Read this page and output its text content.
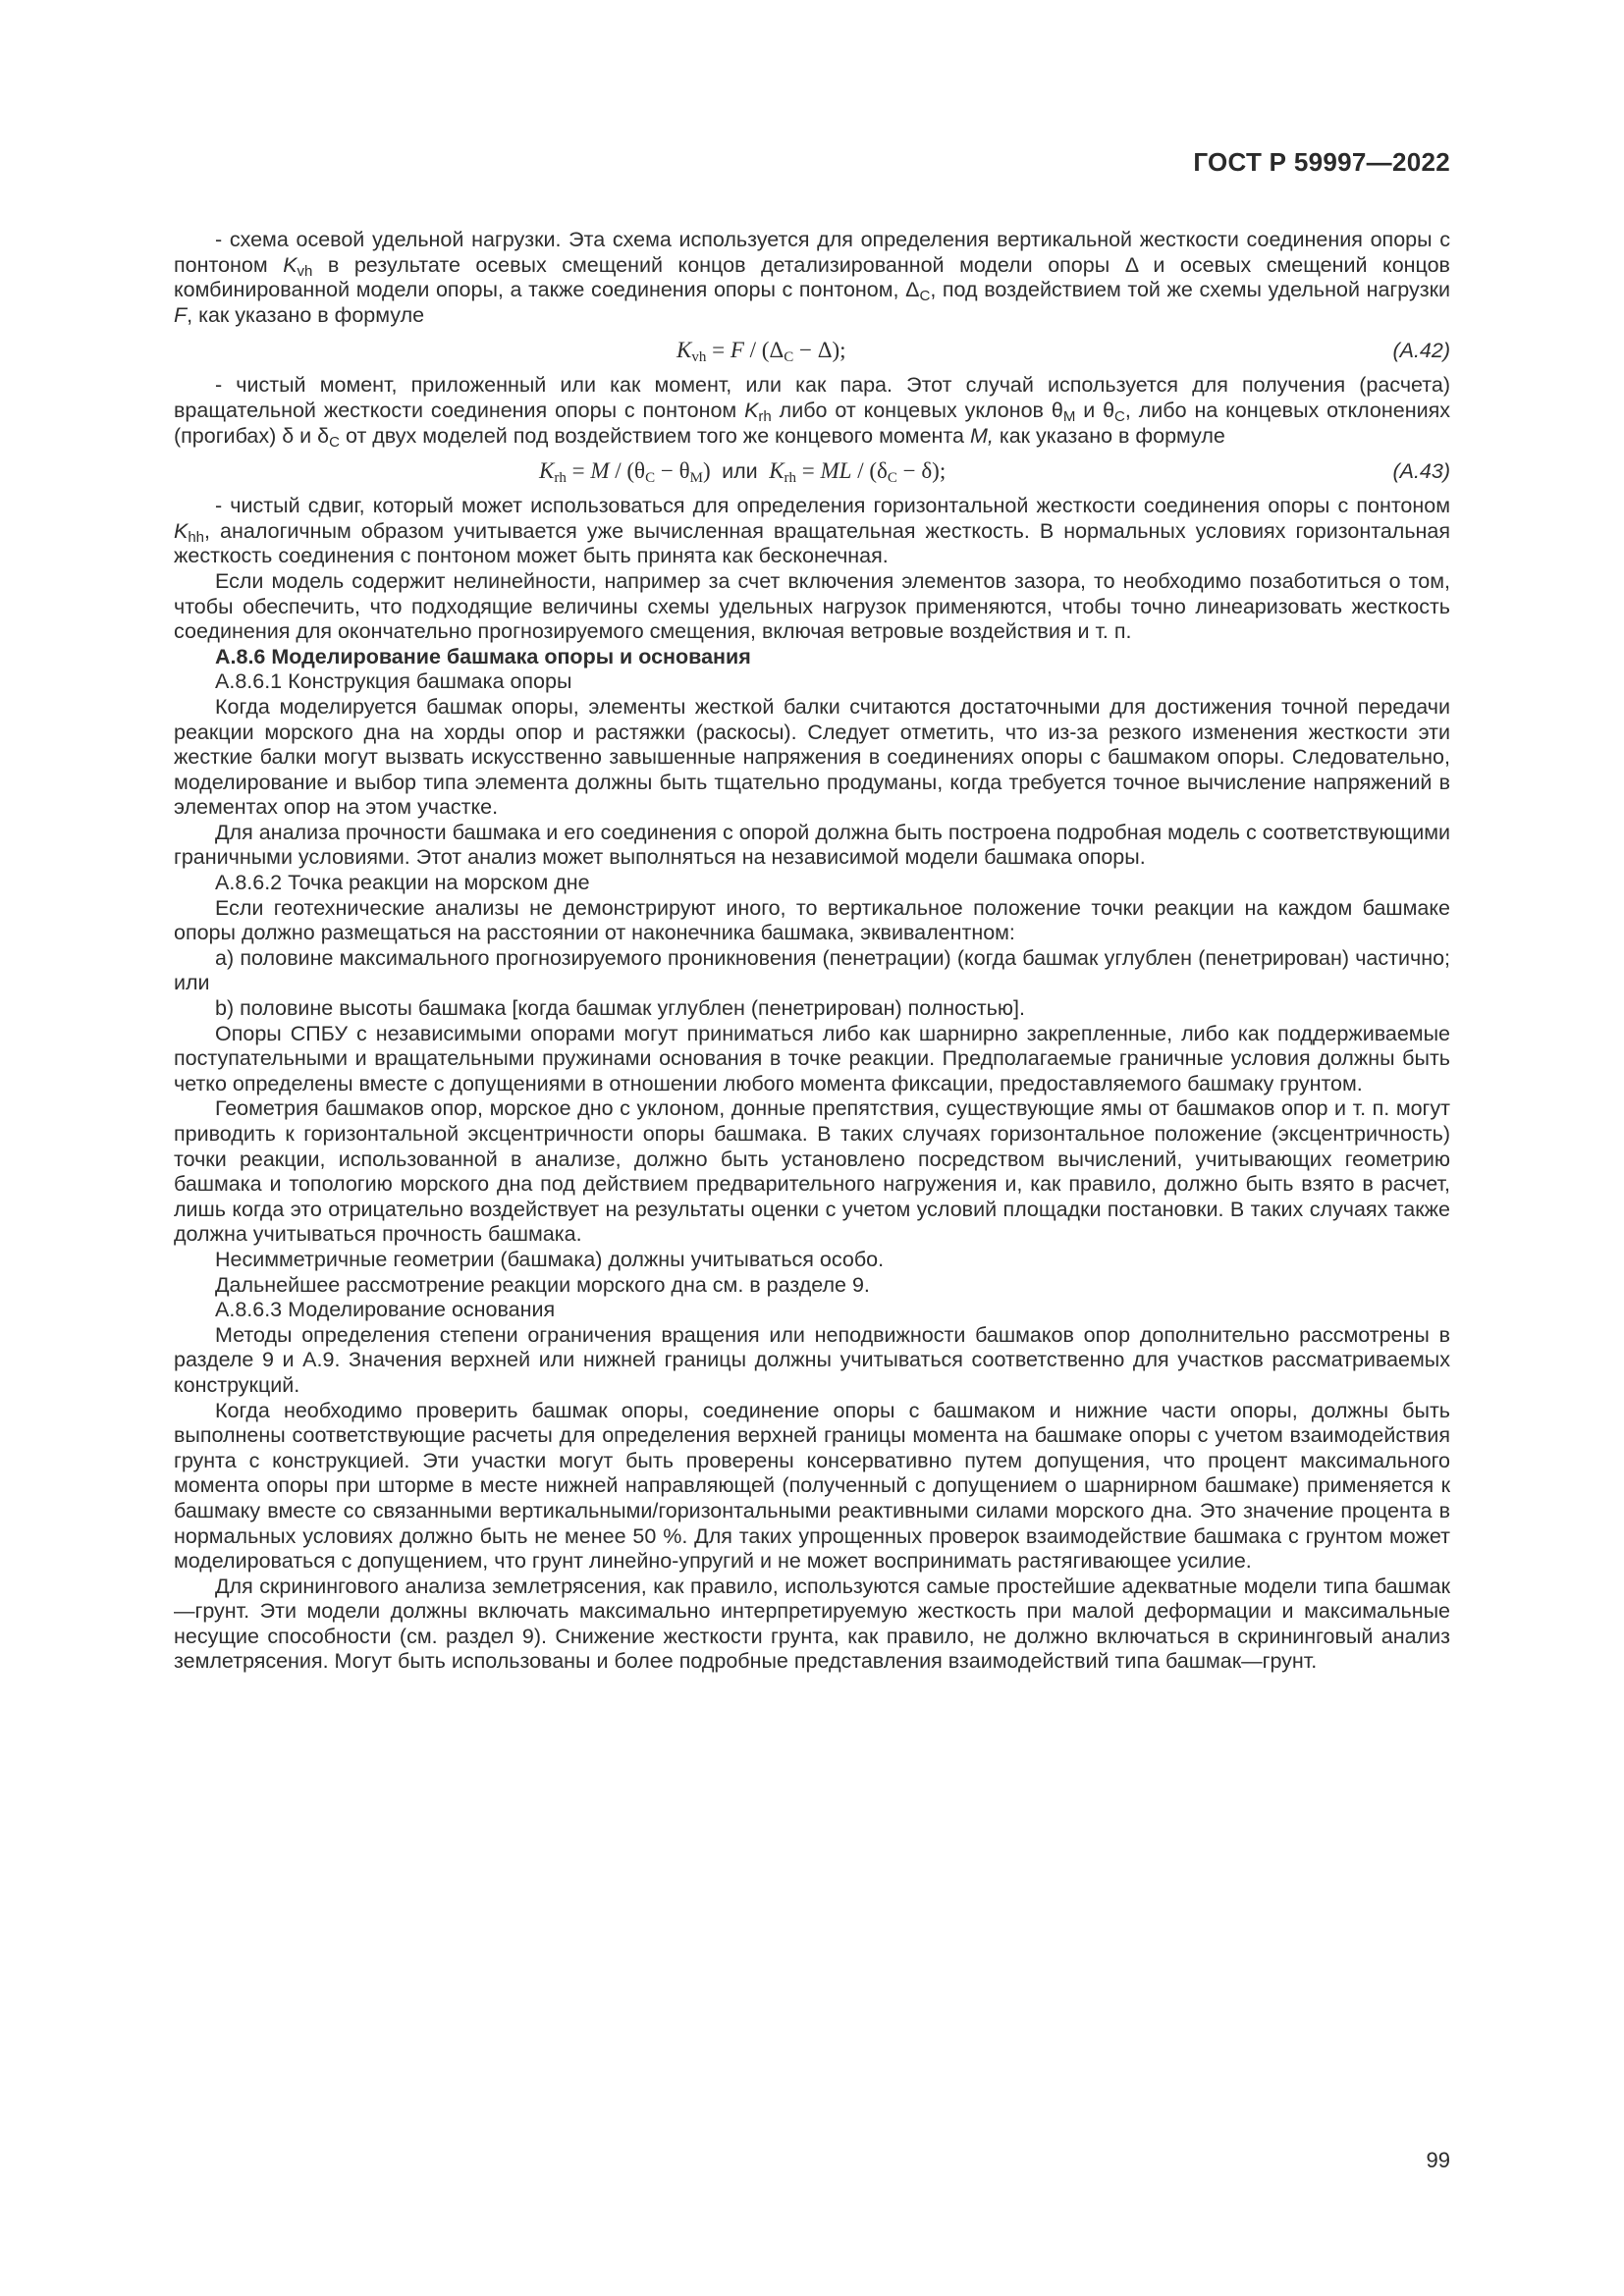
ГОСТ Р 59997—2022

- схема осевой удельной нагрузки. Эта схема используется для определения вертикальной жесткости соединения опоры с понтоном $K_{vh}$ в результате осевых смещений концов детализированной модели опоры Δ и осевых смещений концов комбинированной модели опоры, а также соединения опоры с понтоном, $\Delta_C$, под воздействием той же схемы удельной нагрузки F, как указано в формуле

$K_{vh} = F / (\Delta_C - \Delta)$;	(А.42)

- чистый момент, приложенный или как момент, или как пара. Этот случай используется для получения (расчета) вращательной жесткости соединения опоры с понтоном $K_{rh}$ либо от концевых уклонов $\theta_M$ и $\theta_C$, либо на концевых отклонениях (прогибах) δ и $\delta_C$ от двух моделей под воздействием того же концевого момента M, как указано в формуле

$K_{rh} = M / (\theta_C - \theta_M)$  или $K_{rh}$ = ML / $(\delta_C - \delta)$;	(А.43)

- чистый сдвиг, который может использоваться для определения горизонтальной жесткости соединения опоры с понтоном $K_{hh}$, аналогичным образом учитывается уже вычисленная вращательная жесткость. В нормальных условиях горизонтальная жесткость соединения с понтоном может быть принята как бесконечная.

Если модель содержит нелинейности, например за счет включения элементов зазора, то необходимо позаботиться о том, чтобы обеспечить, что подходящие величины схемы удельных нагрузок применяются, чтобы точно линеаризовать жесткость соединения для окончательно прогнозируемого смещения, включая ветровые воздействия и т. п.

А.8.6 Моделирование башмака опоры и основания

А.8.6.1 Конструкция башмака опоры

Когда моделируется башмак опоры, элементы жесткой балки считаются достаточными для достижения точной передачи реакции морского дна на хорды опор и растяжки (раскосы). Следует отметить, что из-за резкого изменения жесткости эти жесткие балки могут вызвать искусственно завышенные напряжения в соединениях опоры с башмаком опоры. Следовательно, моделирование и выбор типа элемента должны быть тщательно продуманы, когда требуется точное вычисление напряжений в элементах опор на этом участке.

Для анализа прочности башмака и его соединения с опорой должна быть построена подробная модель с соответствующими граничными условиями. Этот анализ может выполняться на независимой модели башмака опоры.

А.8.6.2 Точка реакции на морском дне

Если геотехнические анализы не демонстрируют иного, то вертикальное положение точки реакции на каждом башмаке опоры должно размещаться на расстоянии от наконечника башмака, эквивалентном:

a) половине максимального прогнозируемого проникновения (пенетрации) (когда башмак углублен (пенетрирован) частично; или

b) половине высоты башмака [когда башмак углублен (пенетрирован) полностью].

Опоры СПБУ с независимыми опорами могут приниматься либо как шарнирно закрепленные, либо как поддерживаемые поступательными и вращательными пружинами основания в точке реакции. Предполагаемые граничные условия должны быть четко определены вместе с допущениями в отношении любого момента фиксации, предоставляемого башмаку грунтом.

Геометрия башмаков опор, морское дно с уклоном, донные препятствия, существующие ямы от башмаков опор и т. п. могут приводить к горизонтальной эксцентричности опоры башмака. В таких случаях горизонтальное положение (эксцентричность) точки реакции, использованной в анализе, должно быть установлено посредством вычислений, учитывающих геометрию башмака и топологию морского дна под действием предварительного нагружения и, как правило, должно быть взято в расчет, лишь когда это отрицательно воздействует на результаты оценки с учетом условий площадки постановки. В таких случаях также должна учитываться прочность башмака.

Несимметричные геометрии (башмака) должны учитываться особо.

Дальнейшее рассмотрение реакции морского дна см. в разделе 9.

А.8.6.3 Моделирование основания

Методы определения степени ограничения вращения или неподвижности башмаков опор дополнительно рассмотрены в разделе 9 и А.9. Значения верхней или нижней границы должны учитываться соответственно для участков рассматриваемых конструкций.

Когда необходимо проверить башмак опоры, соединение опоры с башмаком и нижние части опоры, должны быть выполнены соответствующие расчеты для определения верхней границы момента на башмаке опоры с учетом взаимодействия грунта с конструкцией. Эти участки могут быть проверены консервативно путем допущения, что процент максимального момента опоры при шторме в месте нижней направляющей (полученный с допущением о шарнирном башмаке) применяется к башмаку вместе со связанными вертикальными/горизонтальными реактивными силами морского дна. Это значение процента в нормальных условиях должно быть не менее 50 %. Для таких упрощенных проверок взаимодействие башмака с грунтом может моделироваться с допущением, что грунт линейно-упругий и не может воспринимать растягивающее усилие.

Для скринингового анализа землетрясения, как правило, используются самые простейшие адекватные модели типа башмак—грунт. Эти модели должны включать максимально интерпретируемую жесткость при малой деформации и максимальные несущие способности (см. раздел 9). Снижение жесткости грунта, как правило, не должно включаться в скрининговый анализ землетрясения. Могут быть использованы и более подробные представления взаимодействий типа башмак—грунт.

99
